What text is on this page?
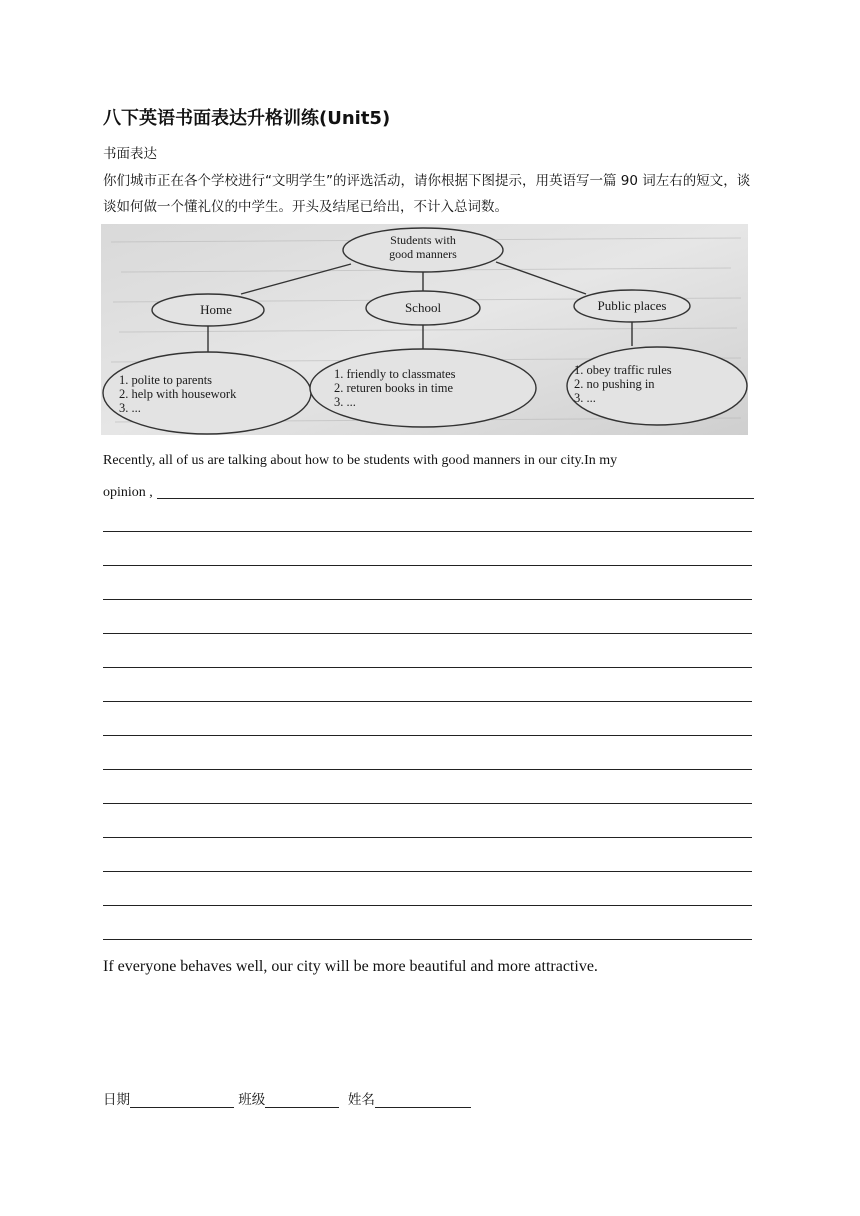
八下英语书面表达升格训练(Unit5)
书面表达
你们城市正在各个学校进行“文明学生”的评选活动，请你根据下图提示，用英语写一篇 90 词左右的短文，谈谈如何做一个懂礼仪的中学生。开头及结尾已给出，不计入总词数。
Students with
good manners
Home	School	Public places
1. polite to parents
2. help with housework
3. ...
1. friendly to classmates
2. returen books in time
3. ...
1. obey traffic rules
2. no pushing in
3. ...
Recently, all of us are talking about how to be students with good manners in our city.In my
opinion ,
If everyone behaves well, our city will be more beautiful and more attractive.
日期	班级	姓名
